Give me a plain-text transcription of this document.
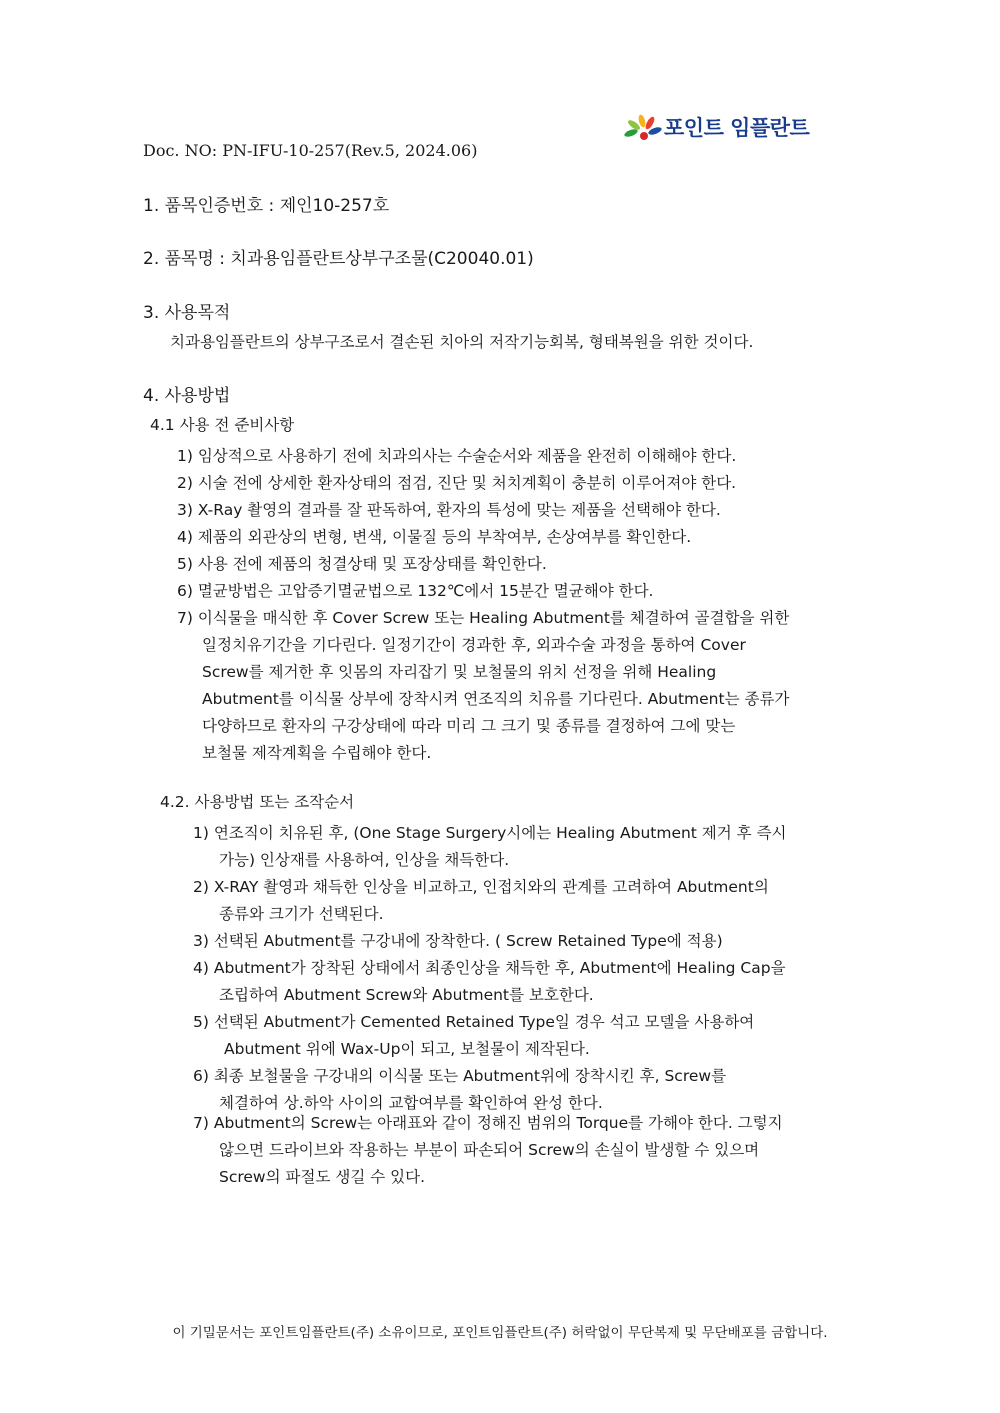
포인트 임플란트
Doc. NO: PN-IFU-10-257(Rev.5, 2024.06)
1. 품목인증번호 : 제인10-257호
2. 품목명 : 치과용임플란트상부구조물(C20040.01)
3. 사용목적
치과용임플란트의 상부구조로서 결손된 치아의 저작기능회복, 형태복원을 위한 것이다.
4. 사용방법
4.1 사용 전 준비사항
1) 임상적으로 사용하기 전에 치과의사는 수술순서와 제품을 완전히 이해해야 한다.
2) 시술 전에 상세한 환자상태의 점검, 진단 및 처치계획이 충분히 이루어져야 한다.
3) X-Ray 촬영의 결과를 잘 판독하여, 환자의 특성에 맞는 제품을 선택해야 한다.
4) 제품의 외관상의 변형, 변색, 이물질 등의 부착여부, 손상여부를 확인한다.
5) 사용 전에 제품의 청결상태 및 포장상태를 확인한다.
6) 멸균방법은 고압증기멸균법으로 132℃에서 15분간 멸균해야 한다.
7) 이식물을 매식한 후 Cover Screw 또는 Healing Abutment를 체결하여 골결합을 위한
일정치유기간을 기다린다. 일정기간이 경과한 후, 외과수술 과정을 통하여 Cover
Screw를 제거한 후 잇몸의 자리잡기 및 보철물의 위치 선정을 위해 Healing
Abutment를 이식물 상부에 장착시켜 연조직의 치유를 기다린다. Abutment는 종류가
다양하므로 환자의 구강상태에 따라 미리 그 크기 및 종류를 결정하여 그에 맞는
보철물 제작계획을 수립해야 한다.
4.2. 사용방법 또는 조작순서
1) 연조직이 치유된 후, (One Stage Surgery시에는 Healing Abutment 제거 후 즉시
가능) 인상재를 사용하여, 인상을 채득한다.
2) X-RAY 촬영과 채득한 인상을 비교하고, 인접치와의 관계를 고려하여 Abutment의
종류와 크기가 선택된다.
3) 선택된 Abutment를 구강내에 장착한다. ( Screw Retained Type에 적용)
4) Abutment가 장착된 상태에서 최종인상을 채득한 후, Abutment에 Healing Cap을
조립하여 Abutment Screw와 Abutment를 보호한다.
5) 선택된 Abutment가 Cemented Retained Type일 경우 석고 모델을 사용하여
Abutment 위에 Wax-Up이 되고, 보철물이 제작된다.
6) 최종 보철물을 구강내의 이식물 또는 Abutment위에 장착시킨 후, Screw를
체결하여 상.하악 사이의 교합여부를 확인하여 완성 한다.
7) Abutment의 Screw는 아래표와 같이 정해진 범위의 Torque를 가해야 한다. 그렇지
않으면 드라이브와 작용하는 부분이 파손되어 Screw의 손실이 발생할 수 있으며
Screw의 파절도 생길 수 있다.
이 기밀문서는 포인트임플란트(주) 소유이므로, 포인트임플란트(주) 허락없이 무단복제 및 무단배포를 금합니다.
